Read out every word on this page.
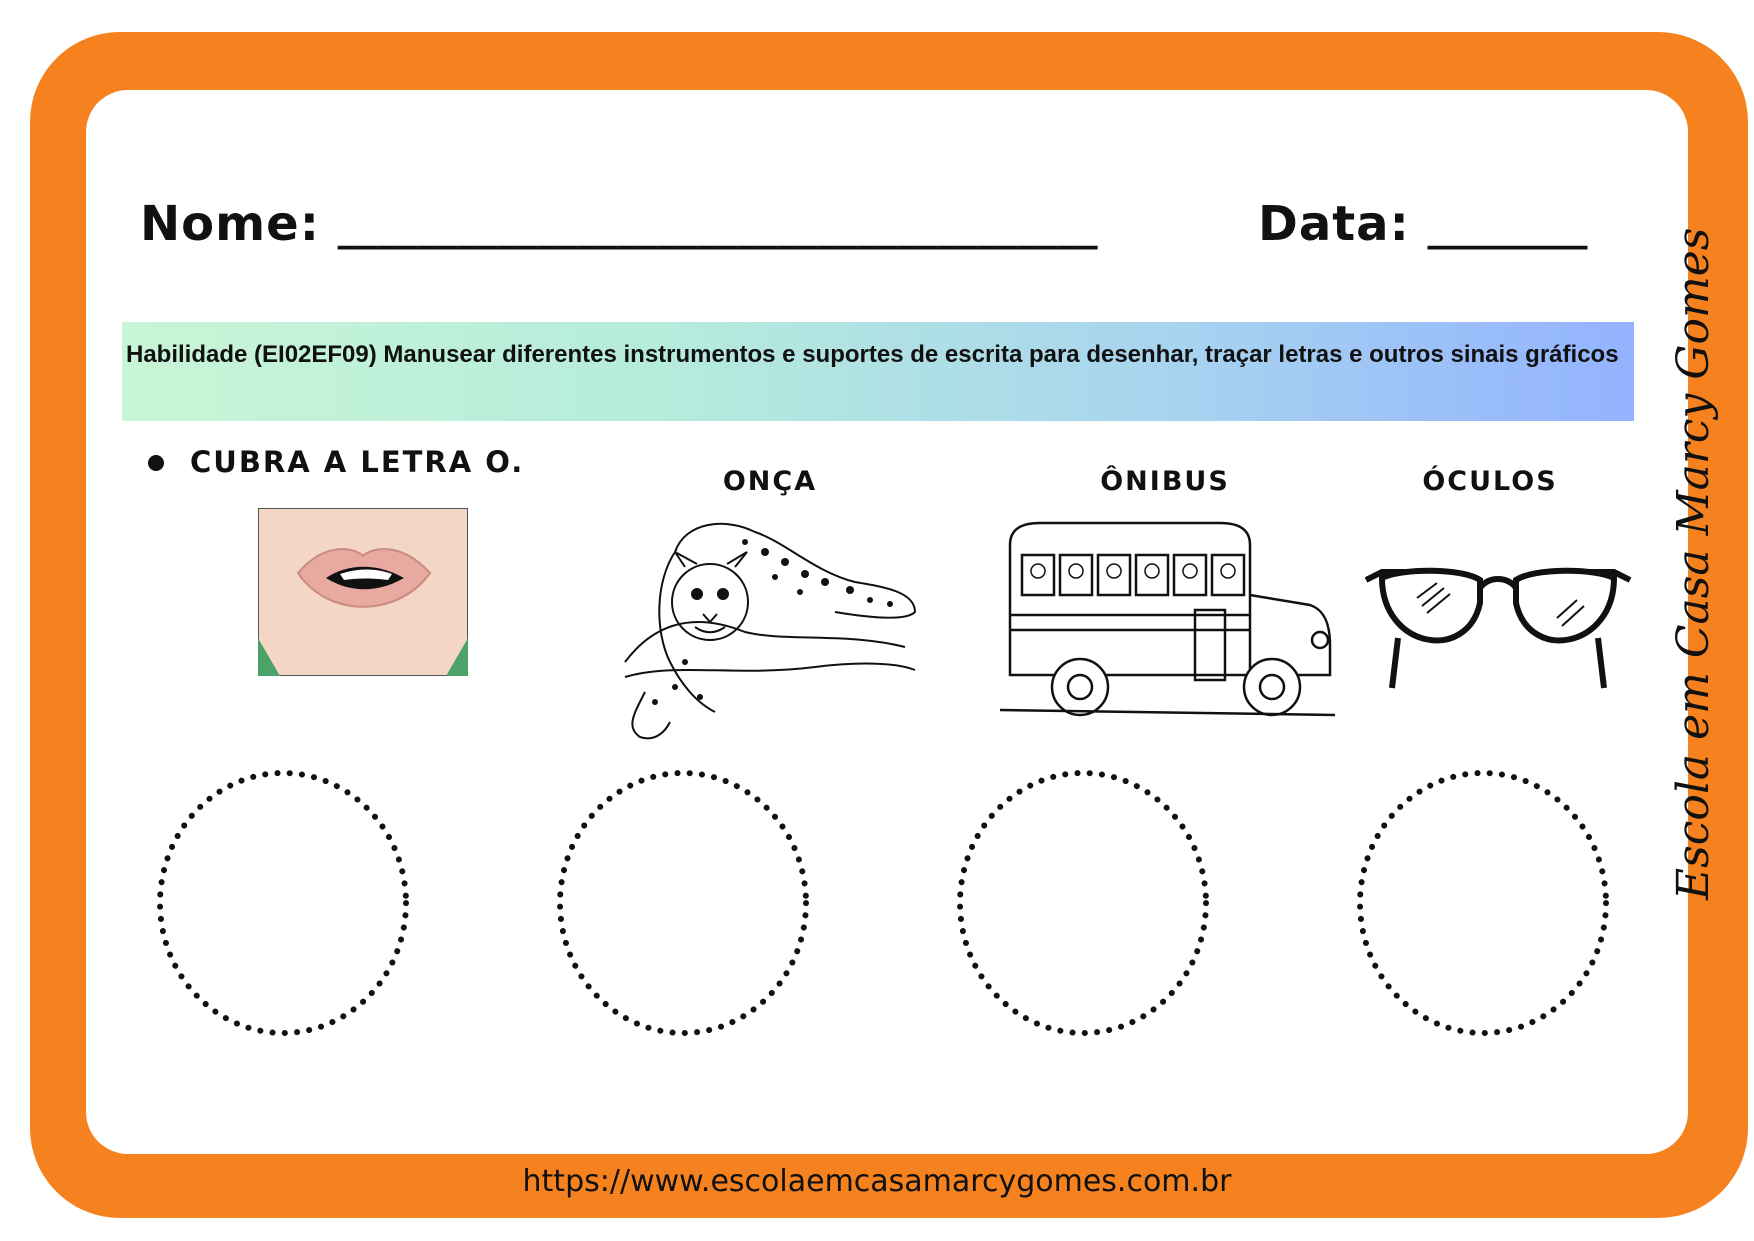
Nome: ______________________________________	Data: ________
Habilidade (EI02EF09) Manusear diferentes instrumentos e suportes de escrita para desenhar, traçar letras e outros sinais gráficos
CUBRA A LETRA O.
ONÇA	ÔNIBUS	ÓCULOS	Escola em Casa Marcy Gomes
https://www.escolaemcasamarcygomes.com.br
